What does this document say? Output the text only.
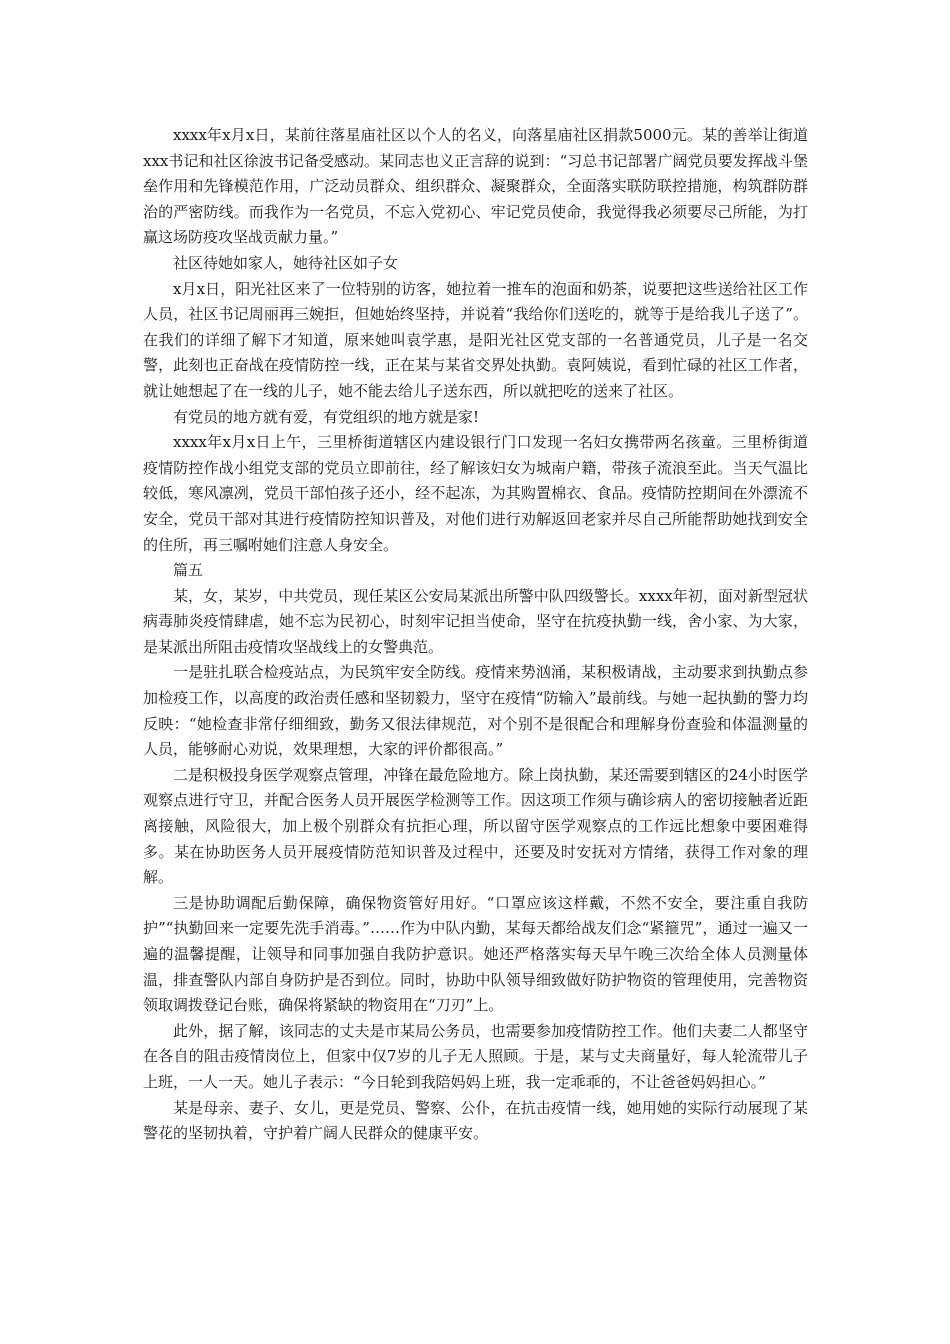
xxxx年x月x日，某前往落星庙社区以个人的名义，向落星庙社区捐款5000元。某的善举让街道xxx书记和社区徐波书记备受感动。某同志也义正言辞的说到：“习总书记部署广阔党员要发挥战斗堡垒作用和先锋模范作用，广泛动员群众、组织群众、凝聚群众，全面落实联防联控措施，构筑群防群治的严密防线。而我作为一名党员，不忘入党初心、牢记党员使命，我觉得我必须要尽己所能，为打赢这场防疫攻坚战贡献力量。”

社区待她如家人，她待社区如子女

x月x日，阳光社区来了一位特别的访客，她拉着一推车的泡面和奶茶，说要把这些送给社区工作人员，社区书记周丽再三婉拒，但她始终坚持，并说着“我给你们送吃的，就等于是给我儿子送了”。在我们的详细了解下才知道，原来她叫袁学惠，是阳光社区党支部的一名普通党员，儿子是一名交警，此刻也正奋战在疫情防控一线，正在某与某省交界处执勤。袁阿姨说，看到忙碌的社区工作者，就让她想起了在一线的儿子，她不能去给儿子送东西，所以就把吃的送来了社区。

有党员的地方就有爱，有党组织的地方就是家!

xxxx年x月x日上午，三里桥街道辖区内建设银行门口发现一名妇女携带两名孩童。三里桥街道疫情防控作战小组党支部的党员立即前往，经了解该妇女为城南户籍，带孩子流浪至此。当天气温比较低，寒风凛冽，党员干部怕孩子还小，经不起冻，为其购置棉衣、食品。疫情防控期间在外漂流不安全，党员干部对其进行疫情防控知识普及，对他们进行劝解返回老家并尽自己所能帮助她找到安全的住所，再三嘱咐她们注意人身安全。

篇五

某，女，某岁，中共党员，现任某区公安局某派出所警中队四级警长。xxxx年初，面对新型冠状病毒肺炎疫情肆虐，她不忘为民初心，时刻牢记担当使命，坚守在抗疫执勤一线，舍小家、为大家，是某派出所阻击疫情攻坚战线上的女警典范。

一是驻扎联合检疫站点，为民筑牢安全防线。疫情来势汹涌，某积极请战，主动要求到执勤点参加检疫工作，以高度的政治责任感和坚韧毅力，坚守在疫情“防输入”最前线。与她一起执勤的警力均反映：“她检查非常仔细细致，勤务又很法律规范，对个别不是很配合和理解身份查验和体温测量的人员，能够耐心劝说，效果理想，大家的评价都很高。”

二是积极投身医学观察点管理，冲锋在最危险地方。除上岗执勤，某还需要到辖区的24小时医学观察点进行守卫，并配合医务人员开展医学检测等工作。因这项工作须与确诊病人的密切接触者近距离接触，风险很大，加上极个别群众有抗拒心理，所以留守医学观察点的工作远比想象中要困难得多。某在协助医务人员开展疫情防范知识普及过程中，还要及时安抚对方情绪，获得工作对象的理解。

三是协助调配后勤保障，确保物资管好用好。“口罩应该这样戴，不然不安全，要注重自我防护”“执勤回来一定要先洗手消毒。”……作为中队内勤，某每天都给战友们念“紧箍咒”，通过一遍又一遍的温馨提醒，让领导和同事加强自我防护意识。她还严格落实每天早午晚三次给全体人员测量体温，排查警队内部自身防护是否到位。同时，协助中队领导细致做好防护物资的管理使用，完善物资领取调拨登记台账，确保将紧缺的物资用在“刀刃”上。

此外，据了解，该同志的丈夫是市某局公务员，也需要参加疫情防控工作。他们夫妻二人都坚守在各自的阻击疫情岗位上，但家中仅7岁的儿子无人照顾。于是，某与丈夫商量好，每人轮流带儿子上班，一人一天。她儿子表示：“今日轮到我陪妈妈上班，我一定乖乖的，不让爸爸妈妈担心。”

某是母亲、妻子、女儿，更是党员、警察、公仆，在抗击疫情一线，她用她的实际行动展现了某警花的坚韧执着，守护着广阔人民群众的健康平安。
